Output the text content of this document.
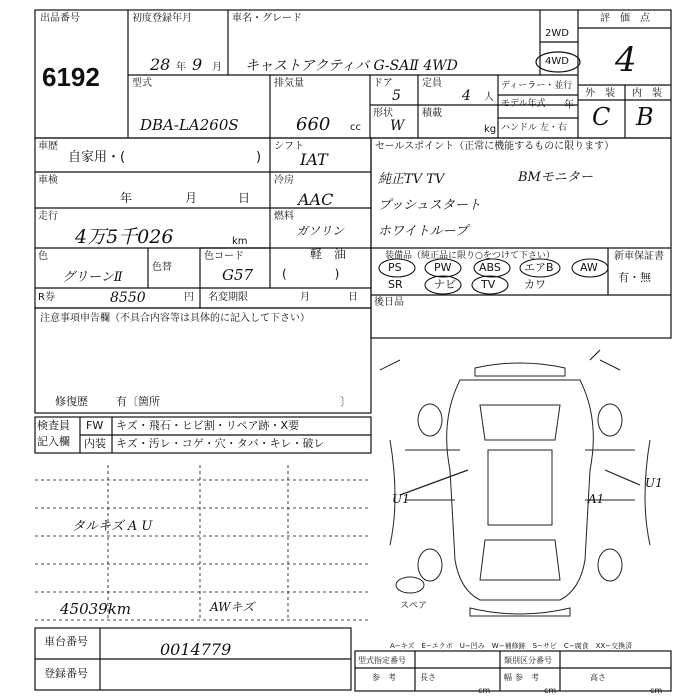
出品番号
6192
初度登録年月
28 年 9 月
車名・グレード
キャストアクティバ G-SAⅡ 4WD
2WD
4WD
評　価　点
4
外　装 内　装
C B
型式
DBA-LA260S
排気量
660 cc
ドア
5
定員
4 人
形状
W
積載
kg
ディーラー・並行
モデル年式 年
ハンドル 左・右
車歴
自家用・(	)
シフト
IAT
車検
年	月	日
冷房
AAC
走行
4万5千026	km
燃料
ガソリン
軽　油
(　　　　)
色
グリーンⅡ
色替
色コード
G57
R券	8550	円 名変期限	月	日
注意事項申告欄（不具合内容等は具体的に記入して下さい）
修復歴	有〔箇所	〕
検査員
記入欄
FW キズ・飛石・ヒビ割・リペア跡・X要
内装 キズ・汚レ・コゲ・穴・タバ・キレ・破レ
タルキズ A U
45039km	AWキズ
セールスポイント（正常に機能するものに限ります）
純正TV TV	BMモニター
プッシュスタート
ホワイトループ
装備品（純正品に限り○をつけて下さい）
PS	PW ABS エアB AW
SR	ナビ TV	カワ
新車保証書
有・無
後日品
スペア
U1	A1
U1
A−キズ　E−エクボ　U−凹み　W−補修跡　S−サビ　C−腐食　XX−交換済
車台番号	0014779
登録番号
型式指定番号
参　考
類別区分番号
参　考
長さ
cm
幅
cm
高さ
cm
